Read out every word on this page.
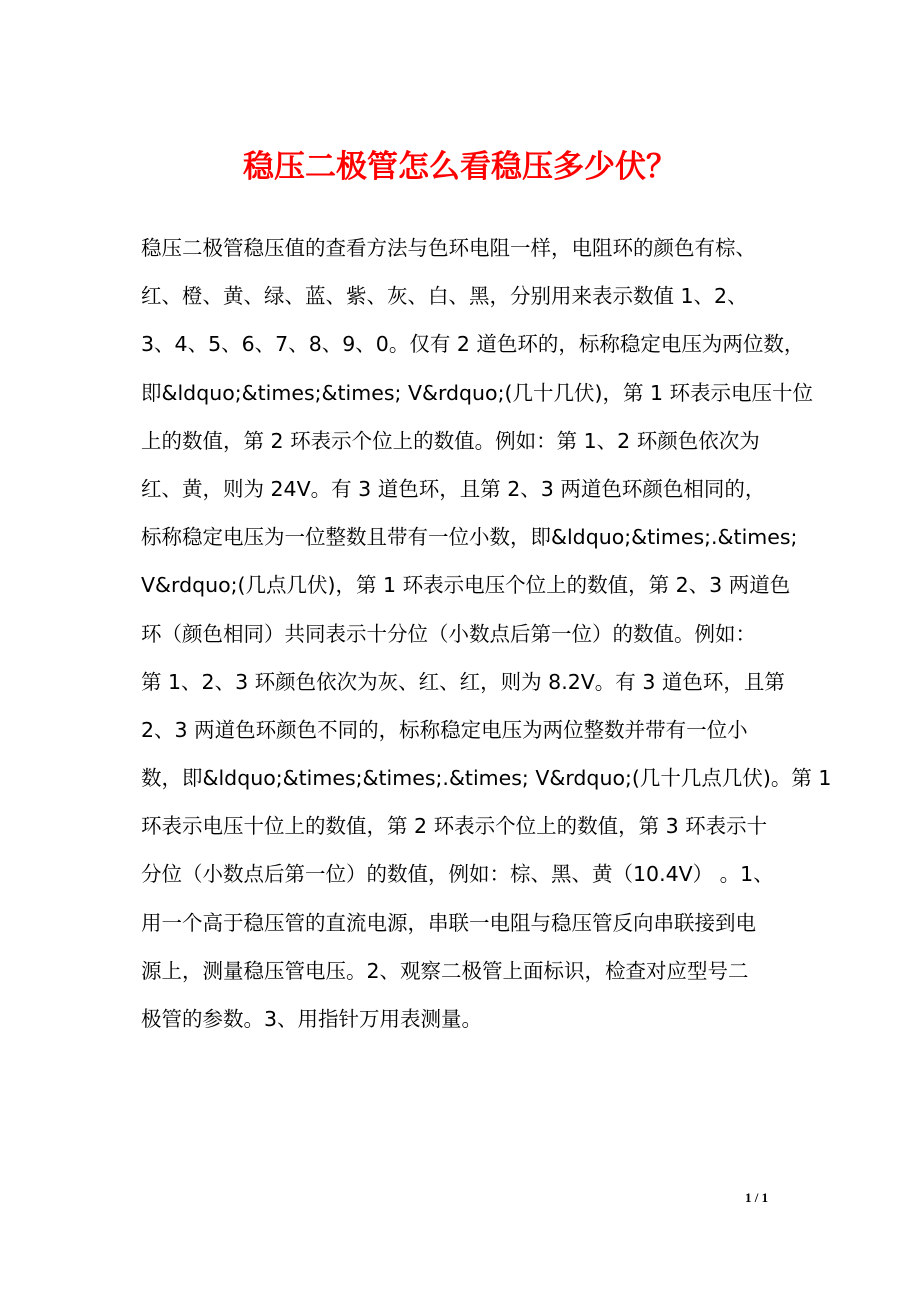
稳压二极管怎么看稳压多少伏？
稳压二极管稳压值的查看方法与色环电阻一样，电阻环的颜色有棕、
红、橙、黄、绿、蓝、紫、灰、白、黑，分别用来表示数值 1、2、
3、4、5、6、7、8、9、0。仅有 2 道色环的，标称稳定电压为两位数，
即&ldquo;&times;&times; V&rdquo;(几十几伏)，第 1 环表示电压十位
上的数值，第 2 环表示个位上的数值。例如：第 1、2 环颜色依次为
红、黄，则为 24V。有 3 道色环，且第 2、3 两道色环颜色相同的，
标称稳定电压为一位整数且带有一位小数，即&ldquo;&times;.&times;
V&rdquo;(几点几伏)，第 1 环表示电压个位上的数值，第 2、3 两道色
环（颜色相同）共同表示十分位（小数点后第一位）的数值。例如：
第 1、2、3 环颜色依次为灰、红、红，则为 8.2V。有 3 道色环，且第
2、3 两道色环颜色不同的，标称稳定电压为两位整数并带有一位小
数，即&ldquo;&times;&times;.&times; V&rdquo;(几十几点几伏)。第 1
环表示电压十位上的数值，第 2 环表示个位上的数值，第 3 环表示十
分位（小数点后第一位）的数值，例如：棕、黑、黄（10.4V） 。1、
用一个高于稳压管的直流电源，串联一电阻与稳压管反向串联接到电
源上，测量稳压管电压。2、观察二极管上面标识，检查对应型号二
极管的参数。3、用指针万用表测量。
1 / 1
